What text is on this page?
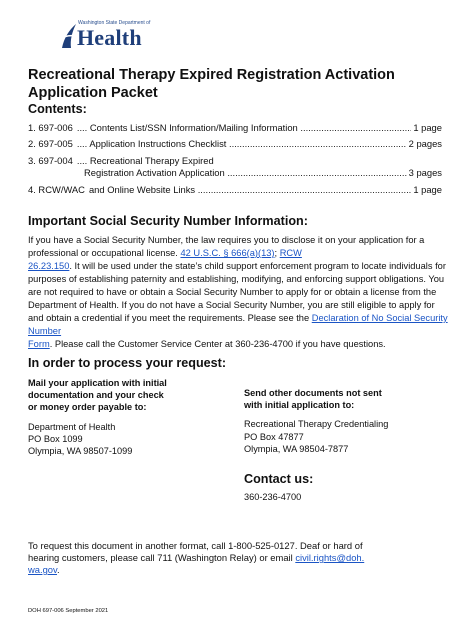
Washington State Department of
Health
Recreational Therapy Expired Registration Activation Application Packet
Contents:
1. 697-006 .... Contents List/SSN Information/Mailing Information .....	1 page
2. 697-005 .... Application Instructions Checklist .....	2 pages
3. 697-004 .... Recreational Therapy Expired
Registration Activation Application .....	3 pages
4. RCW/WAC and Online Website Links .....	1 page
Important Social Security Number Information:
If you have a Social Security Number, the law requires you to disclose it on your application for a professional or occupational license. 42 U.S.C. § 666(a)(13); RCW
26.23.150. It will be used under the state’s child support enforcement program to locate individuals for purposes of establishing paternity and establishing, modifying, and enforcing support obligations. You are not required to have or obtain a Social Security Number to apply for or obtain a license from the Department of Health. If you do not have a Social Security Number, you are still eligible to apply for and obtain a credential if you meet the requirements. Please see the Declaration of No Social Security Number
Form. Please call the Customer Service Center at 360-236-4700 if you have questions.
In order to process your request:
Mail your application with initial
documentation and your check
or money order payable to:
Department of Health
PO Box 1099
Olympia, WA 98507-1099
Send other documents not sent
with initial application to:
Recreational Therapy Credentialing
PO Box 47877
Olympia, WA 98504-7877
Contact us:
360-236-4700
To request this document in another format, call 1-800-525-0127. Deaf or hard of
hearing customers, please call 711 (Washington Relay) or email civil.rights@doh.
wa.gov.
DOH 697-006 September 2021
